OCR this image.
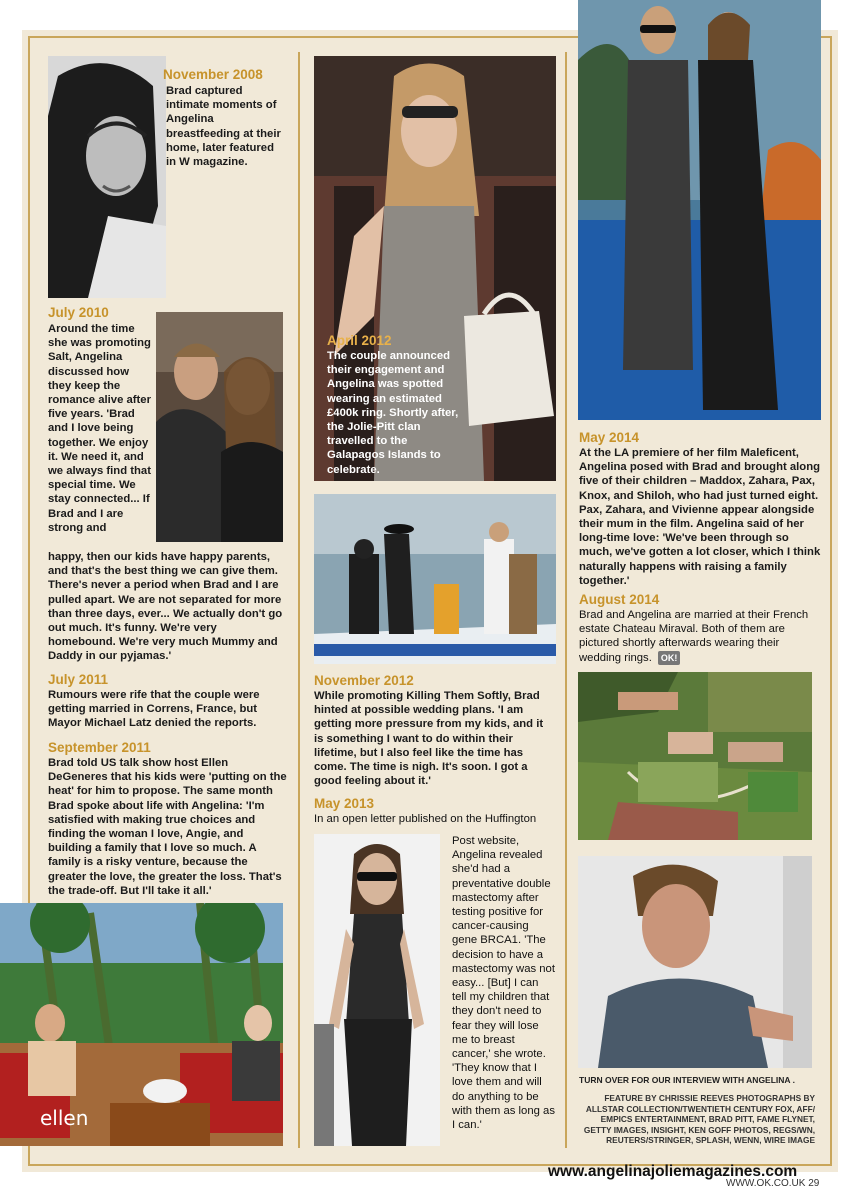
November 2008
Brad captured intimate moments of Angelina breastfeeding at their home, later featured in W magazine.
July 2010
Around the time she was promoting Salt, Angelina discussed how they keep the romance alive after five years. 'Brad and I love being together. We enjoy it. We need it, and we always find that special time. We stay connected... If Brad and I are strong and
happy, then our kids have happy parents, and that's the best thing we can give them. There's never a period when Brad and I are pulled apart. We are not separated for more than three days, ever... We actually don't go out much. It's funny. We're very homebound. We're very much Mummy and Daddy in our pyjamas.'
July 2011
Rumours were rife that the couple were getting married in Correns, France, but Mayor Michael Latz denied the reports.
September 2011
Brad told US talk show host Ellen DeGeneres that his kids were 'putting on the heat' for him to propose. The same month Brad spoke about life with Angelina: 'I'm satisfied with making true choices and finding the woman I love, Angie, and building a family that I love so much. A family is a risky venture, because the greater the love, the greater the loss. That's the trade-off. But I'll take it all.'
ellen
April 2012
The couple announced their engagement and Angelina was spotted wearing an estimated £400k ring. Shortly after, the Jolie-Pitt clan travelled to the Galapagos Islands to celebrate.
November 2012
While promoting Killing Them Softly, Brad hinted at possible wedding plans. 'I am getting more pressure from my kids, and it is something I want to do within their lifetime, but I also feel like the time has come. The time is nigh. It's soon. I got a good feeling about it.'
May 2013
In an open letter published on the Huffington
Post website, Angelina revealed she'd had a preventative double mastectomy after testing positive for cancer-causing gene BRCA1. 'The decision to have a mastectomy was not easy... [But] I can tell my children that they don't need to fear they will lose me to breast cancer,' she wrote. 'They know that I love them and will do anything to be with them as long as I can.'
May 2014
At the LA premiere of her film Maleficent, Angelina posed with Brad and brought along five of their children – Maddox, Zahara, Pax, Knox, and Shiloh, who had just turned eight. Pax, Zahara, and Vivienne appear alongside their mum in the film. Angelina said of her long-time love: 'We've been through so much, we've gotten a lot closer, which I think naturally happens with raising a family together.'
August 2014
Brad and Angelina are married at their French estate Chateau Miraval. Both of them are pictured shortly afterwards wearing their wedding rings. OK!
TURN OVER FOR OUR INTERVIEW WITH ANGELINA .
FEATURE BY CHRISSIE REEVES PHOTOGRAPHS BY ALLSTAR COLLECTION/TWENTIETH CENTURY FOX, AFF/ EMPICS ENTERTAINMENT, BRAD PITT, FAME FLYNET, GETTY IMAGES, INSIGHT, KEN GOFF PHOTOS, REGS/WN, REUTERS/STRINGER, SPLASH, WENN, WIRE IMAGE
www.angelinajoliemagazines.com
WWW.OK.CO.UK 29
